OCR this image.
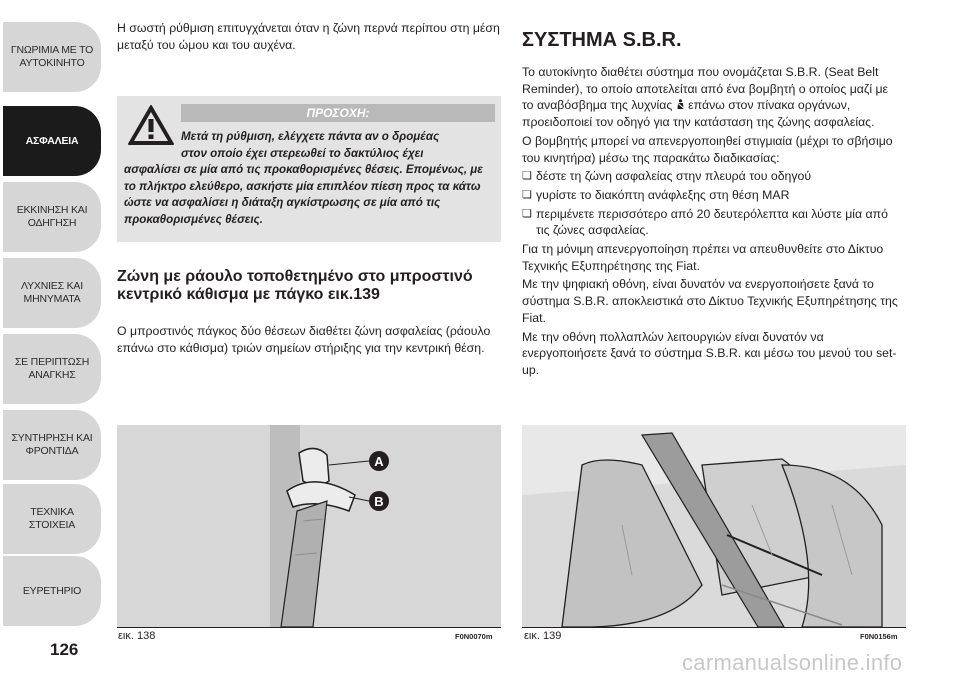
ΓΝΩΡΙΜΙΑ ΜΕ ΤΟ ΑΥΤΟΚΙΝΗΤΟ
ΑΣΦΑΛΕΙΑ
ΕΚΚΙΝΗΣΗ ΚΑΙ ΟΔΗΓΗΣΗ
ΛΥΧΝΙΕΣ ΚΑΙ ΜΗΝΥΜΑΤΑ
ΣΕ ΠΕΡΙΠΤΩΣΗ ΑΝΑΓΚΗΣ
ΣΥΝΤΗΡΗΣΗ ΚΑΙ ΦΡΟΝΤΙΔΑ
ΤΕΧΝΙΚΑ ΣΤΟΙΧΕΙΑ
ΕΥΡΕΤΗΡΙΟ
126

Η σωστή ρύθμιση επιτυγχάνεται όταν η ζώνη περνά περίπου στη μέση μεταξύ του ώμου και του αυχένα.

ΠΡΟΣΟΧΗ:
Μετά τη ρύθμιση, ελέγχετε πάντα αν ο δρομέας
στον οποίο έχει στερεωθεί το δακτύλιος έχει
ασφαλίσει σε μία από τις προκαθορισμένες θέσεις. Επομένως, με το πλήκτρο ελεύθερο, ασκήστε μία επιπλέον πίεση προς τα κάτω ώστε να ασφαλίσει η διάταξη αγκίστρωσης σε μία από τις προκαθορισμένες θέσεις.
Ζώνη με ράουλο τοποθετημένο στο μπροστινό κεντρικό κάθισμα με πάγκο εικ.139

Ο μπροστινός πάγκος δύο θέσεων διαθέτει ζώνη ασφαλείας (ράουλο επάνω στο κάθισμα) τριών σημείων στήριξης για την κεντρική θέση.

ΣΥΣΤΗΜΑ S.B.R.

Το αυτοκίνητο διαθέτει σύστημα που ονομάζεται S.B.R. (Seat Belt Reminder), το οποίο αποτελείται από ένα βομβητή ο οποίος μαζί με το αναβόσβημα της λυχνίας επάνω στον πίνακα οργάνων, προειδοποιεί τον οδηγό για την κατάσταση της ζώνης ασφαλείας.

Ο βομβητής μπορεί να απενεργοποιηθεί στιγμιαία (μέχρι το σβήσιμο του κινητήρα) μέσω της παρακάτω διαδικασίας:

❏ δέστε τη ζώνη ασφαλείας στην πλευρά του οδηγού

❏ γυρίστε το διακόπτη ανάφλεξης στη θέση MAR

❏ περιμένετε περισσότερο από 20 δευτερόλεπτα και λύστε μία από τις ζώνες ασφαλείας.

Για τη μόνιμη απενεργοποίηση πρέπει να απευθυνθείτε στο Δίκτυο Τεχνικής Εξυπηρέτησης της Fiat.

Με την ψηφιακή οθόνη, είναι δυνατόν να ενεργοποιήσετε ξανά το σύστημα S.B.R. αποκλειστικά στο Δίκτυο Τεχνικής Εξυπηρέτησης της Fiat.

Με την οθόνη πολλαπλών λειτουργιών είναι δυνατόν να ενεργοποιήσετε ξανά το σύστημα S.B.R. και μέσω του μενού του set-up.

A
B
εικ. 138	F0N0070m	εικ. 139	F0N0156m
carmanualsonline.info
